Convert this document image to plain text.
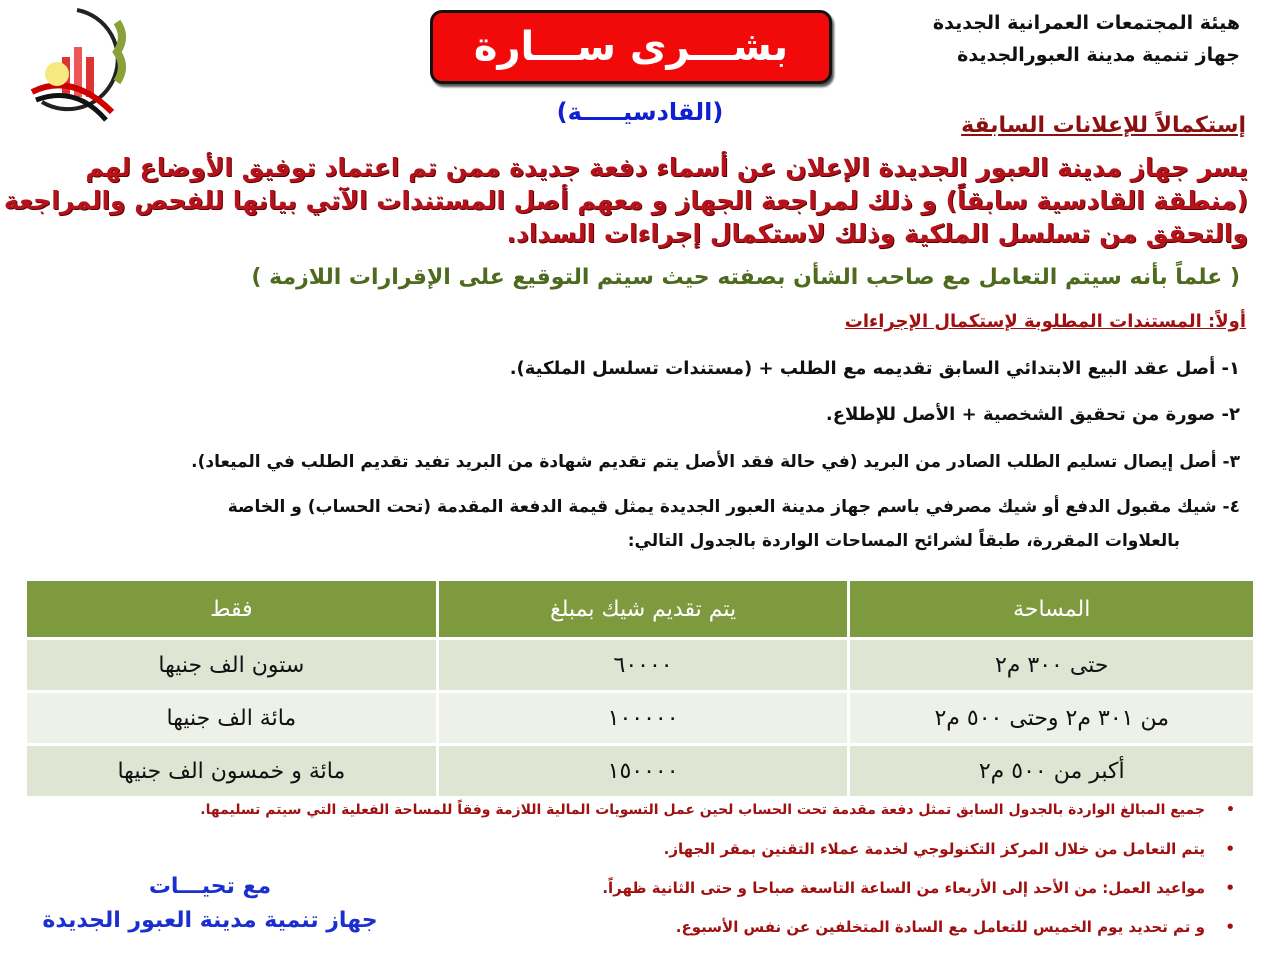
هيئة المجتمعات العمرانية الجديدة
جهاز تنمية مدينة العبورالجديدة
بشـــرى ســـارة
(القادسيـــــة)	إستكمالاً للإعلانات السابقة
يسر جهاز مدينة العبور الجديدة الإعلان عن أسماء دفعة جديدة ممن تم اعتماد توفيق الأوضاع لهم
(منطقة القادسية سابقاً) و ذلك لمراجعة الجهاز و معهم أصل المستندات الآتي بيانها للفحص والمراجعة
والتحقق من تسلسل الملكية وذلك لاستكمال إجراءات السداد.
( علماً بأنه سيتم التعامل مع صاحب الشأن بصفته حيث سيتم التوقيع على الإقرارات اللازمة )
أولاً: المستندات المطلوبة لإستكمال الإجراءات
١- أصل عقد البيع الابتدائي السابق تقديمه مع الطلب + (مستندات تسلسل الملكية).
٢- صورة من تحقيق الشخصية + الأصل للإطلاع.
٣- أصل إيصال تسليم الطلب الصادر من البريد (في حالة فقد الأصل يتم تقديم شهادة من البريد تفيد تقديم الطلب في الميعاد).
٤- شيك مقبول الدفع أو شيك مصرفي باسم جهاز مدينة العبور الجديدة يمثل قيمة الدفعة المقدمة (تحت الحساب) و الخاصة
بالعلاوات المقررة، طبقاً لشرائح المساحات الواردة بالجدول التالي:
المساحة	يتم تقديم شيك بمبلغ	فقط
حتى ٣٠٠ م٢	٦٠٠٠٠	ستون الف جنيها
من ٣٠١ م٢ وحتى ٥٠٠ م٢	١٠٠٠٠٠	مائة الف جنيها
أكبر من ٥٠٠ م٢	١٥٠٠٠٠	مائة و خمسون الف جنيها
•
جميع المبالغ الواردة بالجدول السابق تمثل دفعة مقدمة تحت الحساب لحين عمل التسويات المالية اللازمة وفقاً للمساحة الفعلية التي سيتم تسليمها.
•
يتم التعامل من خلال المركز التكنولوجي لخدمة عملاء التقنين بمقر الجهاز.
•
مواعيد العمل: من الأحد إلى الأربعاء من الساعة التاسعة صباحا و حتى الثانية ظهراً.
•
و تم تحديد يوم الخميس للتعامل مع السادة المتخلفين عن نفس الأسبوع.
مع تحيـــات
جهاز تنمية مدينة العبور الجديدة
